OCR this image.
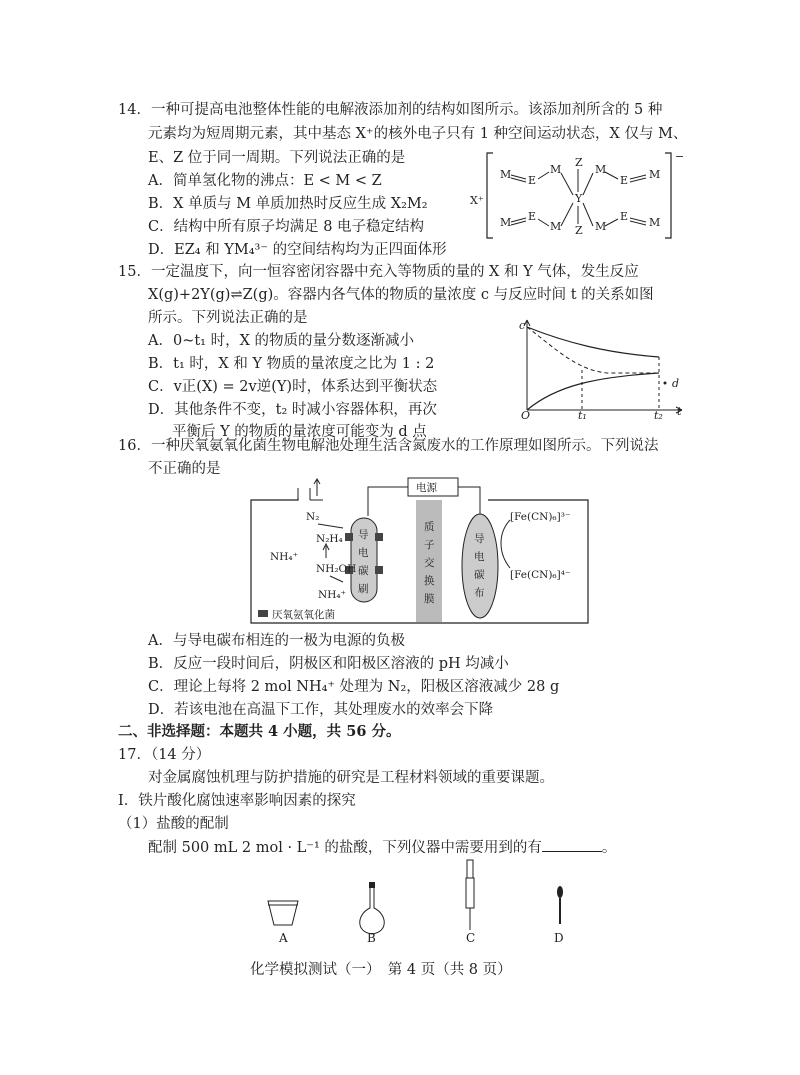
14．一种可提高电池整体性能的电解液添加剂的结构如图所示。该添加剂所含的 5 种
元素均为短周期元素，其中基态 X⁺的核外电子只有 1 种空间运动状态，X 仅与 M、
E、Z 位于同一周期。下列说法正确的是
A．简单氢化物的沸点：E < M < Z
B．X 单质与 M 单质加热时反应生成 X₂M₂
C．结构中所有原子均满足 8 电子稳定结构
D．EZ₄ 和 YM₄³⁻ 的空间结构均为正四面体形
X⁺
−
M E
M
Z
Y
Z
M
E M
M E
M	M
E M
15．一定温度下，向一恒容密闭容器中充入等物质的量的 X 和 Y 气体，发生反应
X(g)+2Y(g)⇌Z(g)。容器内各气体的物质的量浓度 c 与反应时间 t 的关系如图
所示。下列说法正确的是
A．0~t₁ 时，X 的物质的量分数逐渐减小
B．t₁ 时，X 和 Y 物质的量浓度之比为 1 : 2
C．v正(X) = 2v逆(Y)时，体系达到平衡状态
D．其他条件不变，t₂ 时减小容器体积，再次
平衡后 Y 的物质的量浓度可能变为 d 点
c
t
O	t₁	t₂
d
16．一种厌氧氨氧化菌生物电解池处理生活含氮废水的工作原理如图所示。下列说法
不正确的是
电源
质
子
交
换
膜
导
电
碳
刷
导
电
碳
布
[Fe(CN)₆]³⁻
[Fe(CN)₆]⁴⁻
N₂
N₂H₄
NH₄⁺
NH₂OH
NH₄⁺
厌氧氨氧化菌
A．与导电碳布相连的一极为电源的负极
B．反应一段时间后，阴极区和阳极区溶液的 pH 均减小
C．理论上每将 2 mol NH₄⁺ 处理为 N₂，阳极区溶液减少 28 g
D．若该电池在高温下工作，其处理废水的效率会下降
二、非选择题：本题共 4 小题，共 56 分。
17．（14 分）
对金属腐蚀机理与防护措施的研究是工程材料领域的重要课题。
Ⅰ．铁片酸化腐蚀速率影响因素的探究
（1）盐酸的配制
配制 500 mL 2 mol · L⁻¹ 的盐酸，下列仪器中需要用到的有	。
A	B	C	D
化学模拟测试（一）　第 4 页（共 8 页）
